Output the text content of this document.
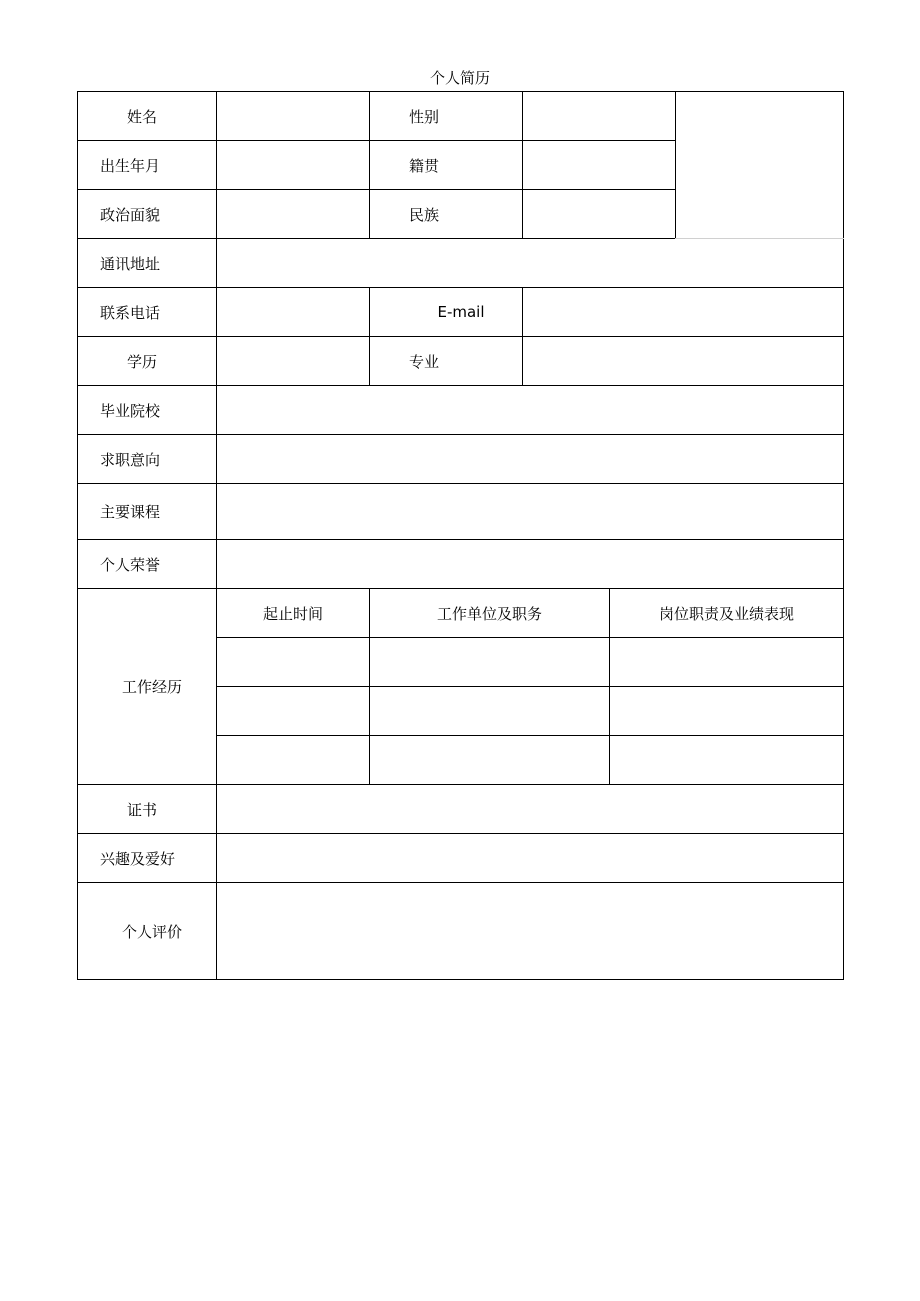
个人简历
姓名		性别			
出生年月		籍贯			
政治面貌		民族			
通讯地址					
联系电话		E-mail			
学历		专业			
毕业院校					
求职意向					
主要课程					
个人荣誉					
工作经历	起止时间	工作单位及职务		岗位职责及业绩表现	

证书					
兴趣及爱好					
个人评价					
